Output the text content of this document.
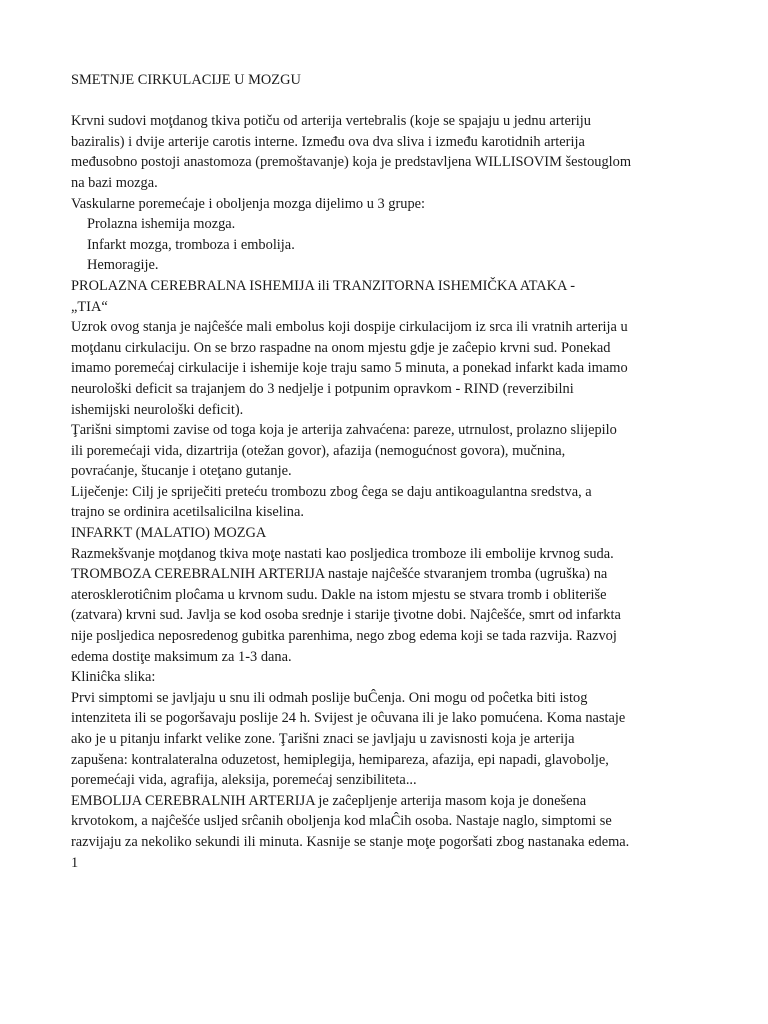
SMETNJE CIRKULACIJE U MOZGU
Krvni sudovi moţdanog tkiva potiču od arterija vertebralis (koje se spajaju u jednu arteriju
baziralis) i dvije arterije carotis interne. Između ova dva sliva i između karotidnih arterija
međusobno postoji anastomoza (premoštavanje) koja je predstavljena WILLISOVIM šestouglom
na bazi mozga.
Vaskularne poremećaje i oboljenja mozga dijelimo u 3 grupe:
Prolazna ishemija mozga.
Infarkt mozga, tromboza i embolija.
Hemoragije.
PROLAZNA CEREBRALNA ISHEMIJA ili TRANZITORNA ISHEMIČKA ATAKA -
„TIA“
Uzrok ovog stanja je najĉešće mali embolus koji dospije cirkulacijom iz srca ili vratnih arterija u
moţdanu cirkulaciju. On se brzo raspadne na onom mjestu gdje je zaĉepio krvni sud. Ponekad
imamo poremećaj cirkulacije i ishemije koje traju samo 5 minuta, a ponekad infarkt kada imamo
neurološki deficit sa trajanjem do 3 nedjelje i potpunim opravkom - RIND (reverzibilni
ishemijski neurološki deficit).
Ţarišni simptomi zavise od toga koja je arterija zahvaćena: pareze, utrnulost, prolazno slijepilo
ili poremećaji vida, dizartrija (otežan govor), afazija (nemogućnost govora), mučnina,
povraćanje, štucanje i oteţano gutanje.
Liječenje: Cilj je spriječiti preteću trombozu zbog ĉega se daju antikoagulantna sredstva, a
trajno se ordinira acetilsalicilna kiselina.
INFARKT (MALATIO) MOZGA
Razmekšvanje moţdanog tkiva moţe nastati kao posljedica tromboze ili embolije krvnog suda.
TROMBOZA CEREBRALNIH ARTERIJA nastaje najĉešće stvaranjem tromba (ugruška) na
aterosklerotiĉnim ploĉama u krvnom sudu. Dakle na istom mjestu se stvara tromb i obliteriše
(zatvara) krvni sud. Javlja se kod osoba srednje i starije ţivotne dobi. Najĉešće, smrt od infarkta
nije posljedica neposredenog gubitka parenhima, nego zbog edema koji se tada razvija. Razvoj
edema dostiţe maksimum za 1-3 dana.
Kliniĉka slika:
Prvi simptomi se javljaju u snu ili odmah poslije buĈenja. Oni mogu od poĉetka biti istog
intenziteta ili se pogoršavaju poslije 24 h. Svijest je oĉuvana ili je lako pomućena. Koma nastaje
ako je u pitanju infarkt velike zone. Ţarišni znaci se javljaju u zavisnosti koja je arterija
zapušena: kontralateralna oduzetost, hemiplegija, hemipareza, afazija, epi napadi, glavobolje,
poremećaji vida, agrafija, aleksija, poremećaj senzibiliteta...
EMBOLIJA CEREBRALNIH ARTERIJA je zaĉepljenje arterija masom koja je donešena
krvotokom, a najĉešće uslјed srĉanih oboljenja kod mlaĈih osoba. Nastaje naglo, simptomi se
razvijaju za nekoliko sekundi ili minuta. Kasnije se stanje moţe pogoršati zbog nastanaka edema.
1
